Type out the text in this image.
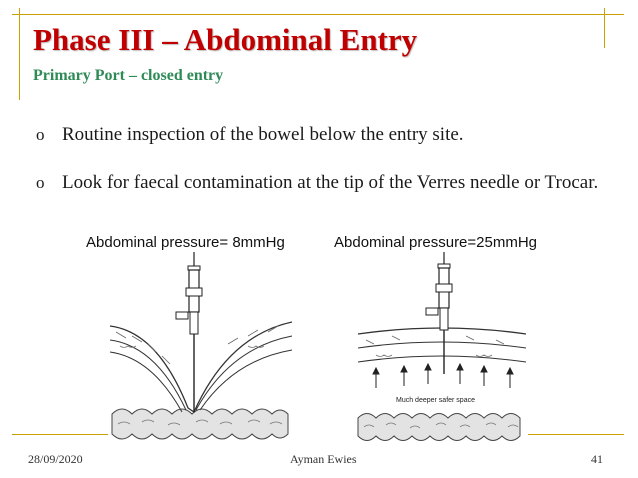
Phase III – Abdominal Entry
Primary Port – closed entry
o Routine inspection of the bowel below the entry site.
o Look for faecal contamination at the tip of the Verres needle or Trocar.
Abdominal pressure= 8mmHg	Abdominal pressure=25mmHg
Much deeper safer space
28/09/2020	Ayman Ewies	41
